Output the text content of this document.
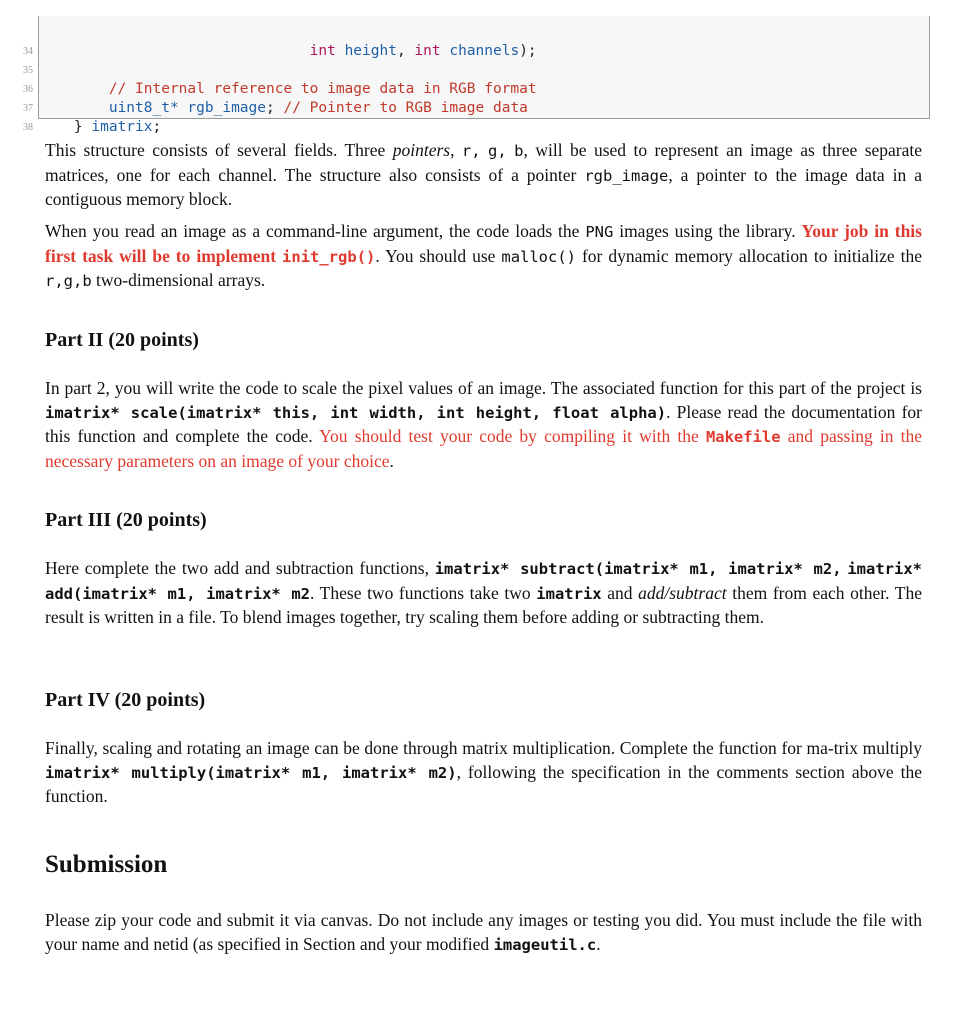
34	int height, int channels);

35

36	// Internal reference to image data in RGB format

37	uint8_t* rgb_image; // Pointer to RGB image data

38	} imatrix;

This structure consists of several fields. Three pointers, r, g, b, will be used to represent an image as three separate matrices, one for each channel. The structure also consists of a pointer rgb_image, a pointer to the image data in a contiguous memory block.

When you read an image as a command-line argument, the code loads the PNG images using the library. Your job in this first task will be to implement init_rgb(). You should use malloc() for dynamic memory allocation to initialize the r,g,b two-dimensional arrays.

Part II (20 points)

In part 2, you will write the code to scale the pixel values of an image. The associated function for this part of the project is imatrix* scale(imatrix* this, int width, int height, float alpha). Please read the documentation for this function and complete the code. You should test your code by compiling it with the Makefile and passing in the necessary parameters on an image of your choice.

Part III (20 points)

Here complete the two add and subtraction functions, imatrix* subtract(imatrix* m1, imatrix* m2, imatrix* add(imatrix* m1, imatrix* m2. These two functions take two imatrix and add/subtract them from each other. The result is written in a file. To blend images together, try scaling them before adding or subtracting them.

Part IV (20 points)

Finally, scaling and rotating an image can be done through matrix multiplication. Complete the function for ma-trix multiply imatrix* multiply(imatrix* m1, imatrix* m2), following the specification in the comments section above the function.

Submission

Please zip your code and submit it via canvas. Do not include any images or testing you did. You must include the file with your name and netid (as specified in Section and your modified imageutil.c.
